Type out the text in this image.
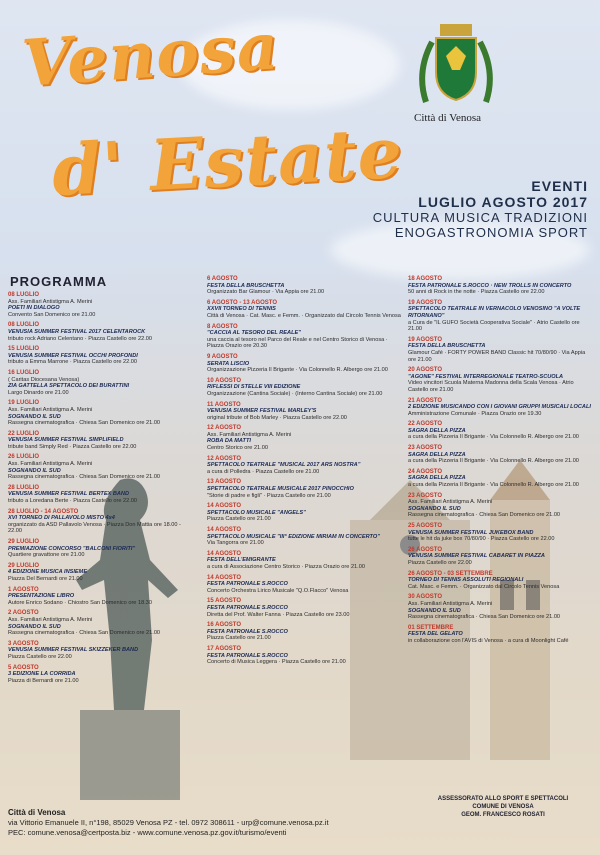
Venosa
d' Estate Città di Venosa
EVENTI
LUGLIO AGOSTO 2017
CULTURA MUSICA TRADIZIONI
ENOGASTRONOMIA SPORT
PROGRAMMA
08 LUGLIO
Ass. Familiari Antistigma A. Merini
POETI IN DIALOGO
Convento San Domenico ore 21.00
08 LUGLIO
VENUSIA SUMMER FESTIVAL 2017 CELENTAROCK
tributo rock Adriano Celentano · Piazza Castello ore 22.00
15 LUGLIO
VENUSIA SUMMER FESTIVAL OCCHI PROFONDI
tributo a Emma Marrone · Piazza Castello ore 22.00
16 LUGLIO
( Caritas Diocesana Venosa)
ZIA GATTELLA SPETTACOLO DEI BURATTINI
Largo Dinardo ore 21.00
19 LUGLIO
Ass. Familiari Antistigma A. Merini
SOGNANDO IL SUD
Rassegna cinematografica · Chiesa San Domenico ore 21.00
22 LUGLIO
VENUSIA SUMMER FESTIVAL SIMPLIFIELD
tribute band Simply Red · Piazza Castello ore 22.00
26 LUGLIO
Ass. Familiari Antistigma A. Merini
SOGNANDO IL SUD
Rassegna cinematografica · Chiesa San Domenico ore 21.00
28 LUGLIO
VENUSIA SUMMER FESTIVAL BERTEX BAND
tributo a Loredana Berte · Piazza Castello ore 22.00
28 LUGLIO - 14 AGOSTO
XVI TORNEO DI PALLAVOLO MISTO 4x4
organizzato da ASD Pallavolo Venosa · Piazza Don Mattia ore 18.00 - 22.00
29 LUGLIO
PREMIAZIONE CONCORSO "BALCONI FIORITI"
Quartiere gravattone ore 21.00
29 LUGLIO
4 EDIZIONE MUSICA INSIEME
Piazza Del Bernardi ore 21.00
1 AGOSTO
PRESENTAZIONE LIBRO
Autore Enrico Sodano · Chiostro San Domenico ore 18.30
2 AGOSTO
Ass. Familiari Antistigma A. Merini
SOGNANDO IL SUD
Rassegna cinematografica · Chiesa San Domenico ore 21.00
3 AGOSTO
VENUSIA SUMMER FESTIVAL SKIZZEKER BAND
Piazza Castello ore 22.00
5 AGOSTO
3 EDIZIONE LA CORRIDA
Piazza di Bernardi ore 21.00
6 AGOSTO
FESTA DELLA BRUSCHETTA
Organizzato Bar Glamour · Via Appia ore 21.00
6 AGOSTO - 13 AGOSTO
XXVII TORNEO DI TENNIS
Città di Venosa · Cat. Masc. e Femm. · Organizzato dal Circolo Tennis Venosa
8 AGOSTO
"CACCIA AL TESORO DEL REALE"
una caccia al tesoro nel Parco del Reale e nel Centro Storico di Venosa · Piazza Orazio ore 20.30
9 AGOSTO
SERATA LISCIO
Organizzazione Pizzeria Il Brigante · Via Colonnello R. Albergo ore 21.00
10 AGOSTO
RIFLESSI DI STELLE VIII EDIZIONE
Organizzazione (Cantina Sociale) · (Interno Cantina Sociale) ore 21.00
11 AGOSTO
VENUSIA SUMMER FESTIVAL MARLEY'S
original tribute of Bob Marley · Piazza Castello ore 22.00
12 AGOSTO
Ass. Familiari Antistigma A. Merini
ROBA DA MATTI
Centro Storico ore 21.00
12 AGOSTO
SPETTACOLO TEATRALE "MUSICAL 2017 ARS NOSTRA"
a cura di Polledra · Piazza Castello ore 21.00
13 AGOSTO
SPETTACOLO TEATRALE MUSICALE 2017 PINOCCHIO
"Storie di padre e figli" · Piazza Castello ore 21.00
14 AGOSTO
SPETTACOLO MUSICALE "ANGELS"
Piazza Castello ore 21.00
14 AGOSTO
SPETTACOLO MUSICALE "III° EDIZIONE MIRIAM IN CONCERTO"
Via Tangorra ore 21.00
14 AGOSTO
FESTA DELL'EMIGRANTE
a cura di Associazione Centro Storico · Piazza Orazio ore 21.00
14 AGOSTO
FESTA PATRONALE S.ROCCO
Concerto Orchestra Lirico Musicale "Q.O.Flacco" Venosa
15 AGOSTO
FESTA PATRONALE S.ROCCO
Diretta del Prof. Walter Fanna · Piazza Castello ore 23.00
16 AGOSTO
FESTA PATRONALE S.ROCCO
Piazza Castello ore 21.00
17 AGOSTO
FESTA PATRONALE S.ROCCO
Concerto di Musica Leggera · Piazza Castello ore 21.00
18 AGOSTO
FESTA PATRONALE S.ROCCO · NEW TROLLS IN CONCERTO
50 anni di Rock in the notte · Piazza Castello ore 22.00
19 AGOSTO
SPETTACOLO TEATRALE IN VERNACOLO VENOSINO "A VOLTE RITORNANO"
a Cura de "IL GUFO Società Cooperativa Sociale" · Atrio Castello ore 21.00
19 AGOSTO
FESTA DELLA BRUSCHETTA
Glamour Café · FORTY POWER BAND Classic hit 70/80/90 · Via Appia ore 21.00
20 AGOSTO
"AGONE" FESTIVAL INTERREGIONALE TEATRO-SCUOLA
Video vincitori Scuola Materna Madonna della Scala Venosa · Atrio Castello ore 21.00
21 AGOSTO
2 EDIZIONE MUSICANDO CON I GIOVANI GRUPPI MUSICALI LOCALI
Amministrazione Comunale · Piazza Orazio ore 19.30
22 AGOSTO
SAGRA DELLA PIZZA
a cura della Pizzeria Il Brigante · Via Colonnello R. Albergo ore 21.00
23 AGOSTO
SAGRA DELLA PIZZA
a cura della Pizzeria Il Brigante · Via Colonnello R. Albergo ore 21.00
24 AGOSTO
SAGRA DELLA PIZZA
a cura della Pizzeria Il Brigante · Via Colonnello R. Albergo ore 21.00
23 AGOSTO
Ass. Familiari Antistigma A. Merini
SOGNANDO IL SUD
Rassegna cinematografica · Chiesa San Domenico ore 21.00
25 AGOSTO
VENUSIA SUMMER FESTIVAL JUKEBOX BAND
tutte le hit da juke box 70/80/90 · Piazza Castello ore 22.00
26 AGOSTO
VENUSIA SUMMER FESTIVAL CABARET IN PIAZZA
Piazza Castello ore 22.00
26 AGOSTO - 03 SETTEMBRE
TORNEO DI TENNIS ASSOLUTI REGIONALI
Cat. Masc. e Femm. · Organizzato dal Circolo Tennis Venosa
30 AGOSTO
Ass. Familiari Antistigma A. Merini
SOGNANDO IL SUD
Rassegna cinematografica · Chiesa San Domenico ore 21.00
01 SETTEMBRE
FESTA DEL GELATO
in collaborazione con l'AVIS di Venosa · a cura di Moonlight Café
Città di Venosa
via Vittorio Emanuele II, n°198, 85029 Venosa PZ - tel. 0972 308611 - urp@comune.venosa.pz.it
PEC: comune.venosa@certposta.biz - www.comune.venosa.pz.gov.it/turismo/eventi
ASSESSORATO ALLO SPORT E SPETTACOLI
COMUNE DI VENOSA
GEOM. FRANCESCO ROSATI
